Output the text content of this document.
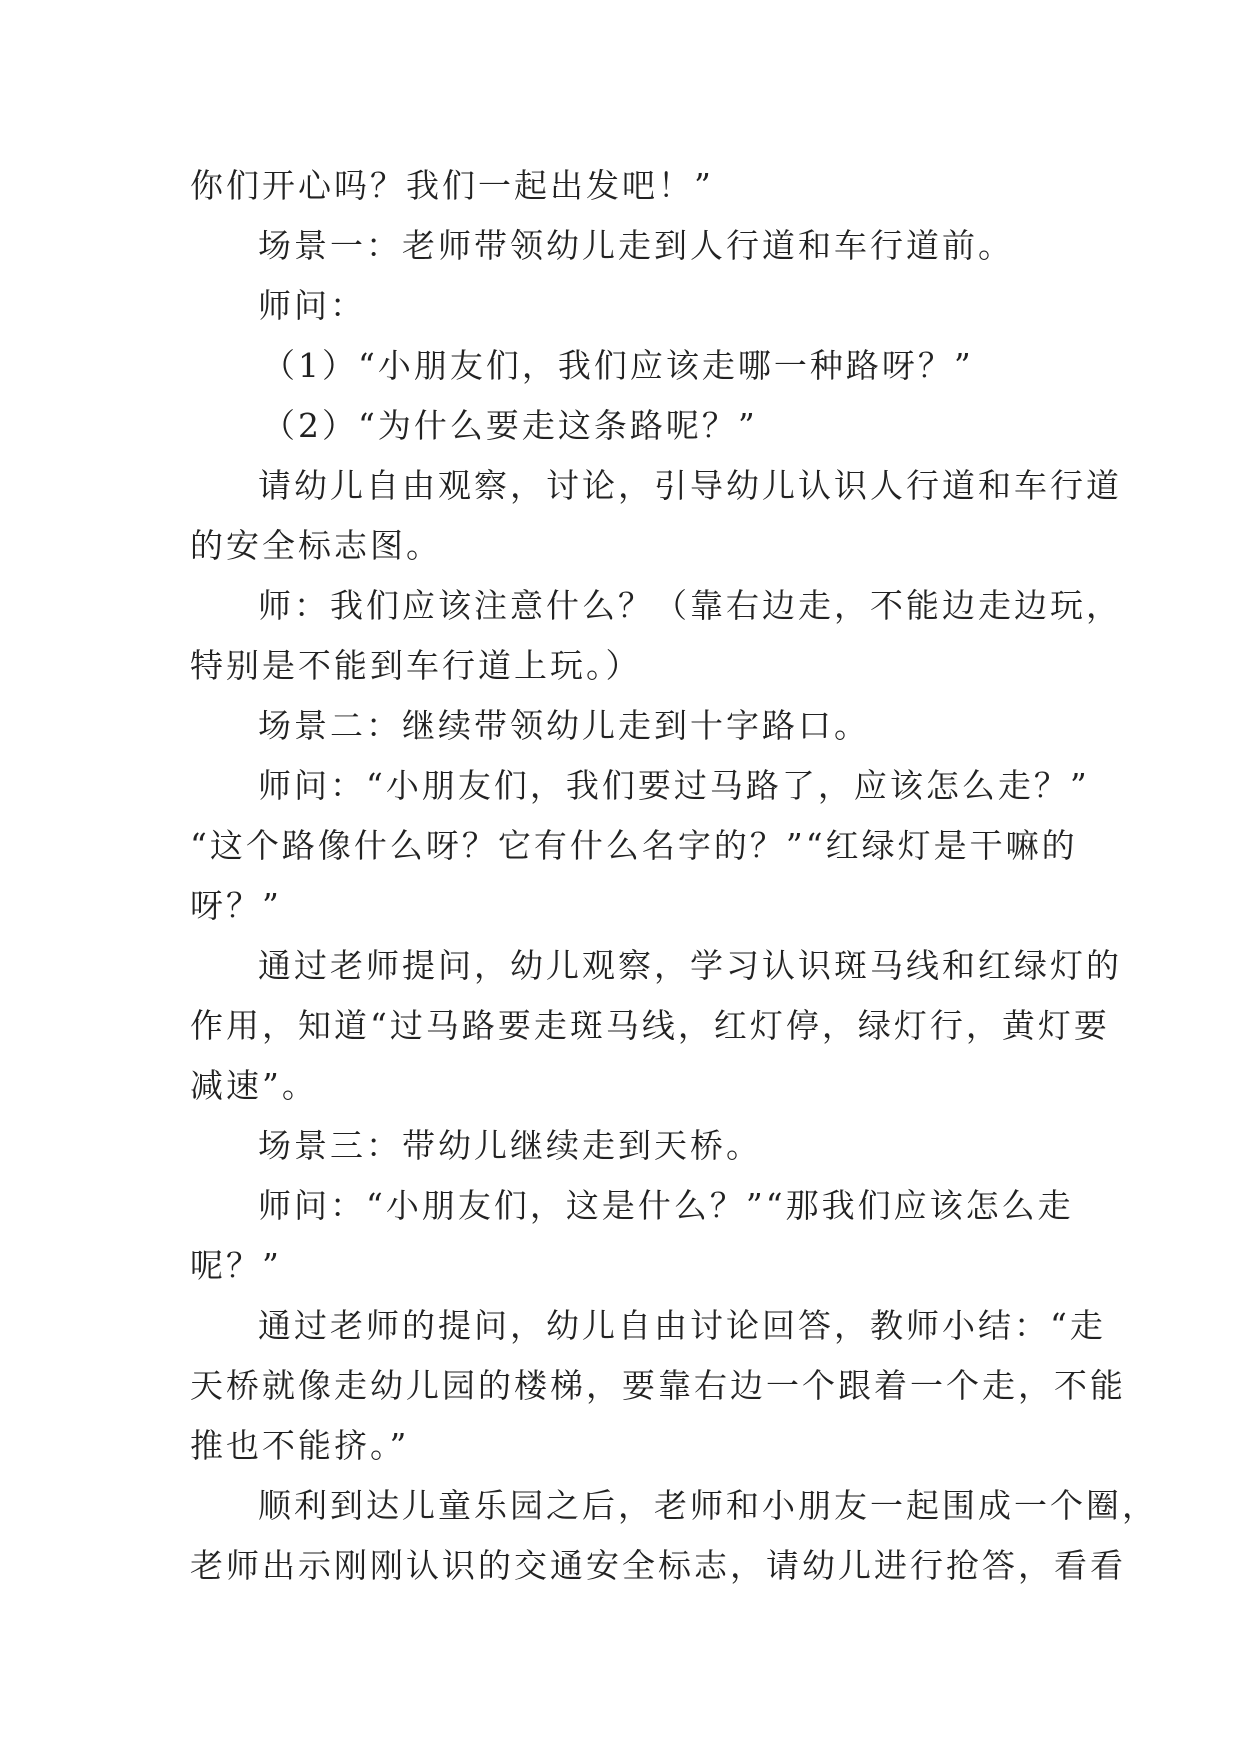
你们开心吗？我们一起出发吧！”
场景一：老师带领幼儿走到人行道和车行道前。
师问：
（1）“小朋友们，我们应该走哪一种路呀？”
（2）“为什么要走这条路呢？”
请幼儿自由观察，讨论，引导幼儿认识人行道和车行道
的安全标志图。
师：我们应该注意什么？（靠右边走，不能边走边玩，
特别是不能到车行道上玩。）
场景二：继续带领幼儿走到十字路口。
师问：“小朋友们，我们要过马路了，应该怎么走？”
“这个路像什么呀？它有什么名字的？”“红绿灯是干嘛的
呀？”
通过老师提问，幼儿观察，学习认识斑马线和红绿灯的
作用，知道“过马路要走斑马线，红灯停，绿灯行，黄灯要
减速”。
场景三：带幼儿继续走到天桥。
师问：“小朋友们，这是什么？”“那我们应该怎么走
呢？”
通过老师的提问，幼儿自由讨论回答，教师小结：“走
天桥就像走幼儿园的楼梯，要靠右边一个跟着一个走，不能
推也不能挤。”
顺利到达儿童乐园之后，老师和小朋友一起围成一个圈，
老师出示刚刚认识的交通安全标志，请幼儿进行抢答，看看
